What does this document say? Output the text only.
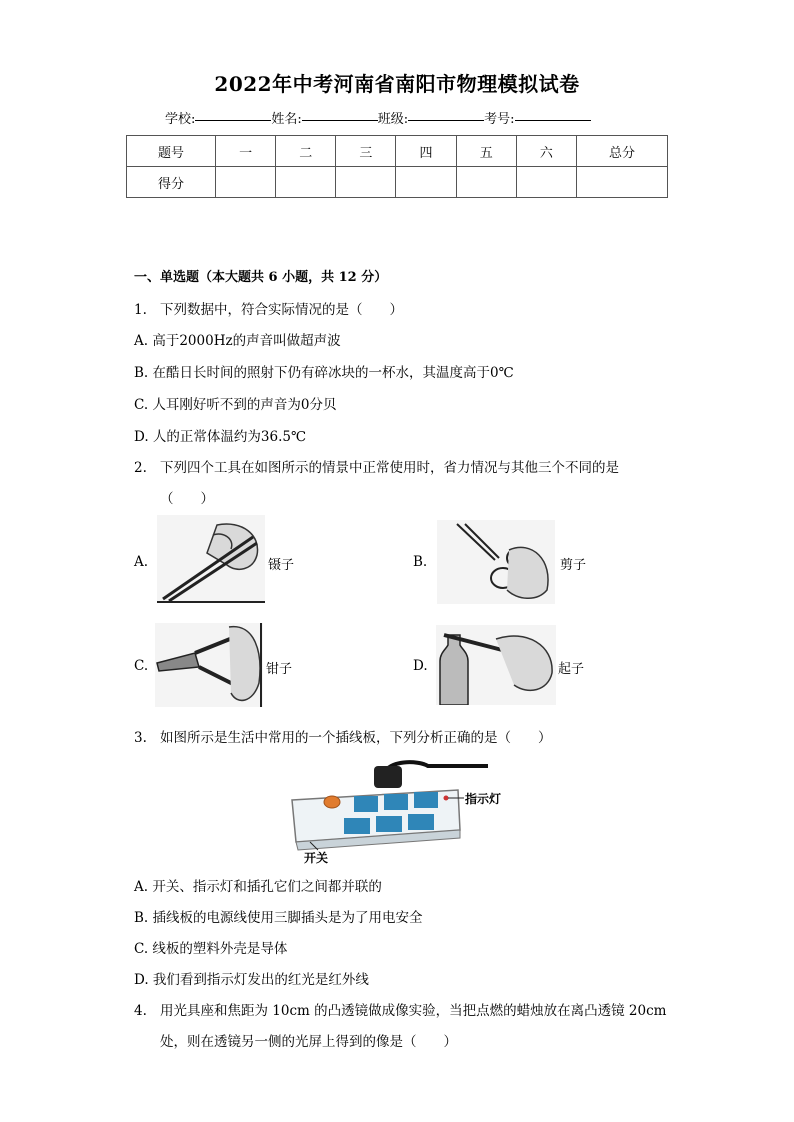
2022年中考河南省南阳市物理模拟试卷
学校:	姓名:	班级:	考号:
题号	一	二	三	四	五	六	总分
得分							
一、单选题（本大题共 6 小题，共 12 分）
1. 下列数据中，符合实际情况的是（　　）
A. 高于2000Hz的声音叫做超声波
B. 在酷日长时间的照射下仍有碎冰块的一杯水，其温度高于0℃
C. 人耳刚好听不到的声音为0分贝
D. 人的正常体温约为36.5℃
2. 下列四个工具在如图所示的情景中正常使用时，省力情况与其他三个不同的是
（　　）
A.	镊子	B.	剪子
C.	钳子	D.	起子
3. 如图所示是生活中常用的一个插线板，下列分析正确的是（　　）
指示灯
开关
A. 开关、指示灯和插孔它们之间都并联的
B. 插线板的电源线使用三脚插头是为了用电安全
C. 线板的塑料外壳是导体
D. 我们看到指示灯发出的红光是红外线
4. 用光具座和焦距为 10cm 的凸透镜做成像实验，当把点燃的蜡烛放在离凸透镜 20cm
处，则在透镜另一侧的光屏上得到的像是（　　）
